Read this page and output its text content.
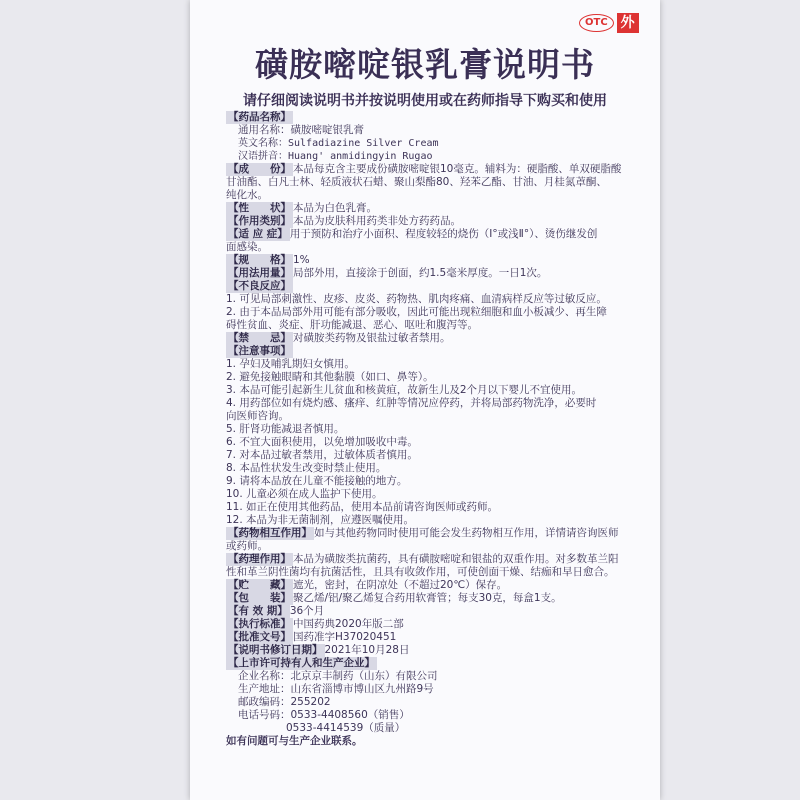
OTC 外
磺胺嘧啶银乳膏说明书
请仔细阅读说明书并按说明使用或在药师指导下购买和使用
【药品名称】
通用名称：磺胺嘧啶银乳膏
英文名称：Sulfadiazine Silver Cream
汉语拼音：Huang' anmidingyin Rugao
【成　　份】 本品每克含主要成份磺胺嘧啶银10毫克。辅料为：硬脂酸、单双硬脂酸
甘油酯、白凡士林、轻质液状石蜡、聚山梨酯80、羟苯乙酯、甘油、月桂氮䓬酮、
纯化水。
【性　　状】 本品为白色乳膏。
【作用类别】 本品为皮肤科用药类非处方药药品。
【适 应 症】 用于预防和治疗小面积、程度较轻的烧伤（Ⅰ°或浅Ⅱ°）、烫伤继发创
面感染。
【规　　格】 1%
【用法用量】 局部外用，直接涂于创面，约1.5毫米厚度。一日1次。
【不良反应】
1. 可见局部刺激性、皮疹、皮炎、药物热、肌肉疼痛、血清病样反应等过敏反应。
2. 由于本品局部外用可能有部分吸收，因此可能出现粒细胞和血小板减少、再生障
碍性贫血、炎症、肝功能减退、恶心、呕吐和腹泻等。
【禁　　忌】 对磺胺类药物及银盐过敏者禁用。
【注意事项】
1. 孕妇及哺乳期妇女慎用。
2. 避免接触眼睛和其他黏膜（如口、鼻等）。
3. 本品可能引起新生儿贫血和核黄疸，故新生儿及2个月以下婴儿不宜使用。
4. 用药部位如有烧灼感、瘙痒、红肿等情况应停药，并将局部药物洗净，必要时
向医师咨询。
5. 肝肾功能减退者慎用。
6. 不宜大面积使用，以免增加吸收中毒。
7. 对本品过敏者禁用，过敏体质者慎用。
8. 本品性状发生改变时禁止使用。
9. 请将本品放在儿童不能接触的地方。
10. 儿童必须在成人监护下使用。
11. 如正在使用其他药品，使用本品前请咨询医师或药师。
12. 本品为非无菌制剂，应遵医嘱使用。
【药物相互作用】 如与其他药物同时使用可能会发生药物相互作用，详情请咨询医师
或药师。
【药理作用】 本品为磺胺类抗菌药，具有磺胺嘧啶和银盐的双重作用。对多数革兰阳
性和革兰阴性菌均有抗菌活性，且具有收敛作用，可使创面干燥、结痂和早日愈合。
【贮　　藏】 遮光，密封，在阴凉处（不超过20℃）保存。
【包　　装】 聚乙烯/铝/聚乙烯复合药用软膏管；每支30克，每盒1支。
【有 效 期】 36个月
【执行标准】 中国药典2020年版二部
【批准文号】 国药准字H37020451
【说明书修订日期】 2021年10月28日
【上市许可持有人和生产企业】
企业名称：北京京丰制药（山东）有限公司
生产地址：山东省淄博市博山区九州路9号
邮政编码：255202
电话号码：0533-4408560（销售）
0533-4414539（质量）
如有问题可与生产企业联系。
